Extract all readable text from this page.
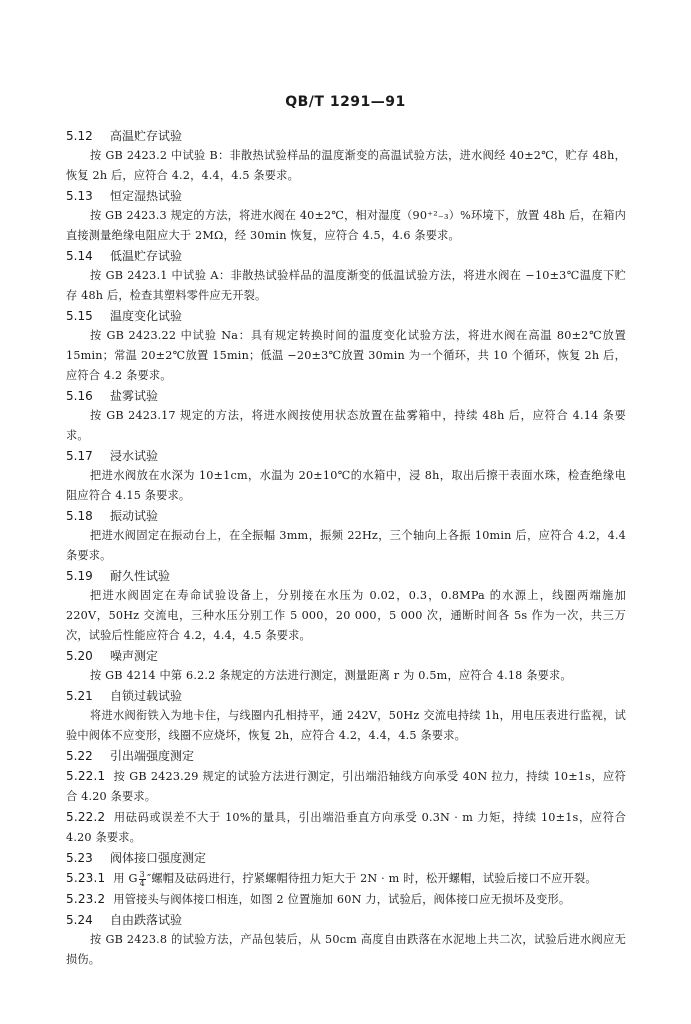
QB/T 1291—91
5.12 高温贮存试验
按 GB 2423.2 中试验 B：非散热试验样品的温度渐变的高温试验方法，进水阀经 40±2℃，贮存 48h，恢复 2h 后，应符合 4.2，4.4，4.5 条要求。
5.13 恒定湿热试验
按 GB 2423.3 规定的方法，将进水阀在 40±2℃，相对湿度（90⁺²₋₃）%环境下，放置 48h 后，在箱内直接测量绝缘电阻应大于 2MΩ，经 30min 恢复，应符合 4.5，4.6 条要求。
5.14 低温贮存试验
按 GB 2423.1 中试验 A：非散热试验样品的温度渐变的低温试验方法，将进水阀在 −10±3℃温度下贮存 48h 后，检查其塑料零件应无开裂。
5.15 温度变化试验
按 GB 2423.22 中试验 Na：具有规定转换时间的温度变化试验方法，将进水阀在高温 80±2℃放置 15min；常温 20±2℃放置 15min；低温 −20±3℃放置 30min 为一个循环，共 10 个循环，恢复 2h 后，应符合 4.2 条要求。
5.16 盐雾试验
按 GB 2423.17 规定的方法，将进水阀按使用状态放置在盐雾箱中，持续 48h 后，应符合 4.14 条要求。
5.17 浸水试验
把进水阀放在水深为 10±1cm，水温为 20±10℃的水箱中，浸 8h，取出后擦干表面水珠，检查绝缘电阻应符合 4.15 条要求。
5.18 振动试验
把进水阀固定在振动台上，在全振幅 3mm，振频 22Hz，三个轴向上各振 10min 后，应符合 4.2，4.4 条要求。
5.19 耐久性试验
把进水阀固定在寿命试验设备上，分别接在水压为 0.02，0.3，0.8MPa 的水源上，线圈两端施加 220V，50Hz 交流电，三种水压分别工作 5 000，20 000，5 000 次，通断时间各 5s 作为一次，共三万次，试验后性能应符合 4.2，4.4，4.5 条要求。
5.20 噪声测定
按 GB 4214 中第 6.2.2 条规定的方法进行测定，测量距离 r 为 0.5m，应符合 4.18 条要求。
5.21 自锁过载试验
将进水阀衔铁入为地卡住，与线圈内孔相持平，通 242V，50Hz 交流电持续 1h，用电压表进行监视，试验中阀体不应变形，线圈不应烧坏，恢复 2h，应符合 4.2，4.4，4.5 条要求。
5.22 引出端强度测定
5.22.1 按 GB 2423.29 规定的试验方法进行测定，引出端沿轴线方向承受 40N 拉力，持续 10±1s，应符合 4.20 条要求。
5.22.2 用砝码或误差不大于 10%的量具，引出端沿垂直方向承受 0.3N · m 力矩，持续 10±1s，应符合 4.20 条要求。
5.23 阀体接口强度测定
5.23.1 用 G $\frac{3}{4}$ ″螺帽及砝码进行，拧紧螺帽待扭力矩大于 2N · m 时，松开螺帽，试验后接口不应开裂。
5.23.2 用管接头与阀体接口相连，如图 2 位置施加 60N 力，试验后，阀体接口应无损坏及变形。
5.24 自由跌落试验
按 GB 2423.8 的试验方法，产品包装后，从 50cm 高度自由跌落在水泥地上共二次，试验后进水阀应无损伤。
